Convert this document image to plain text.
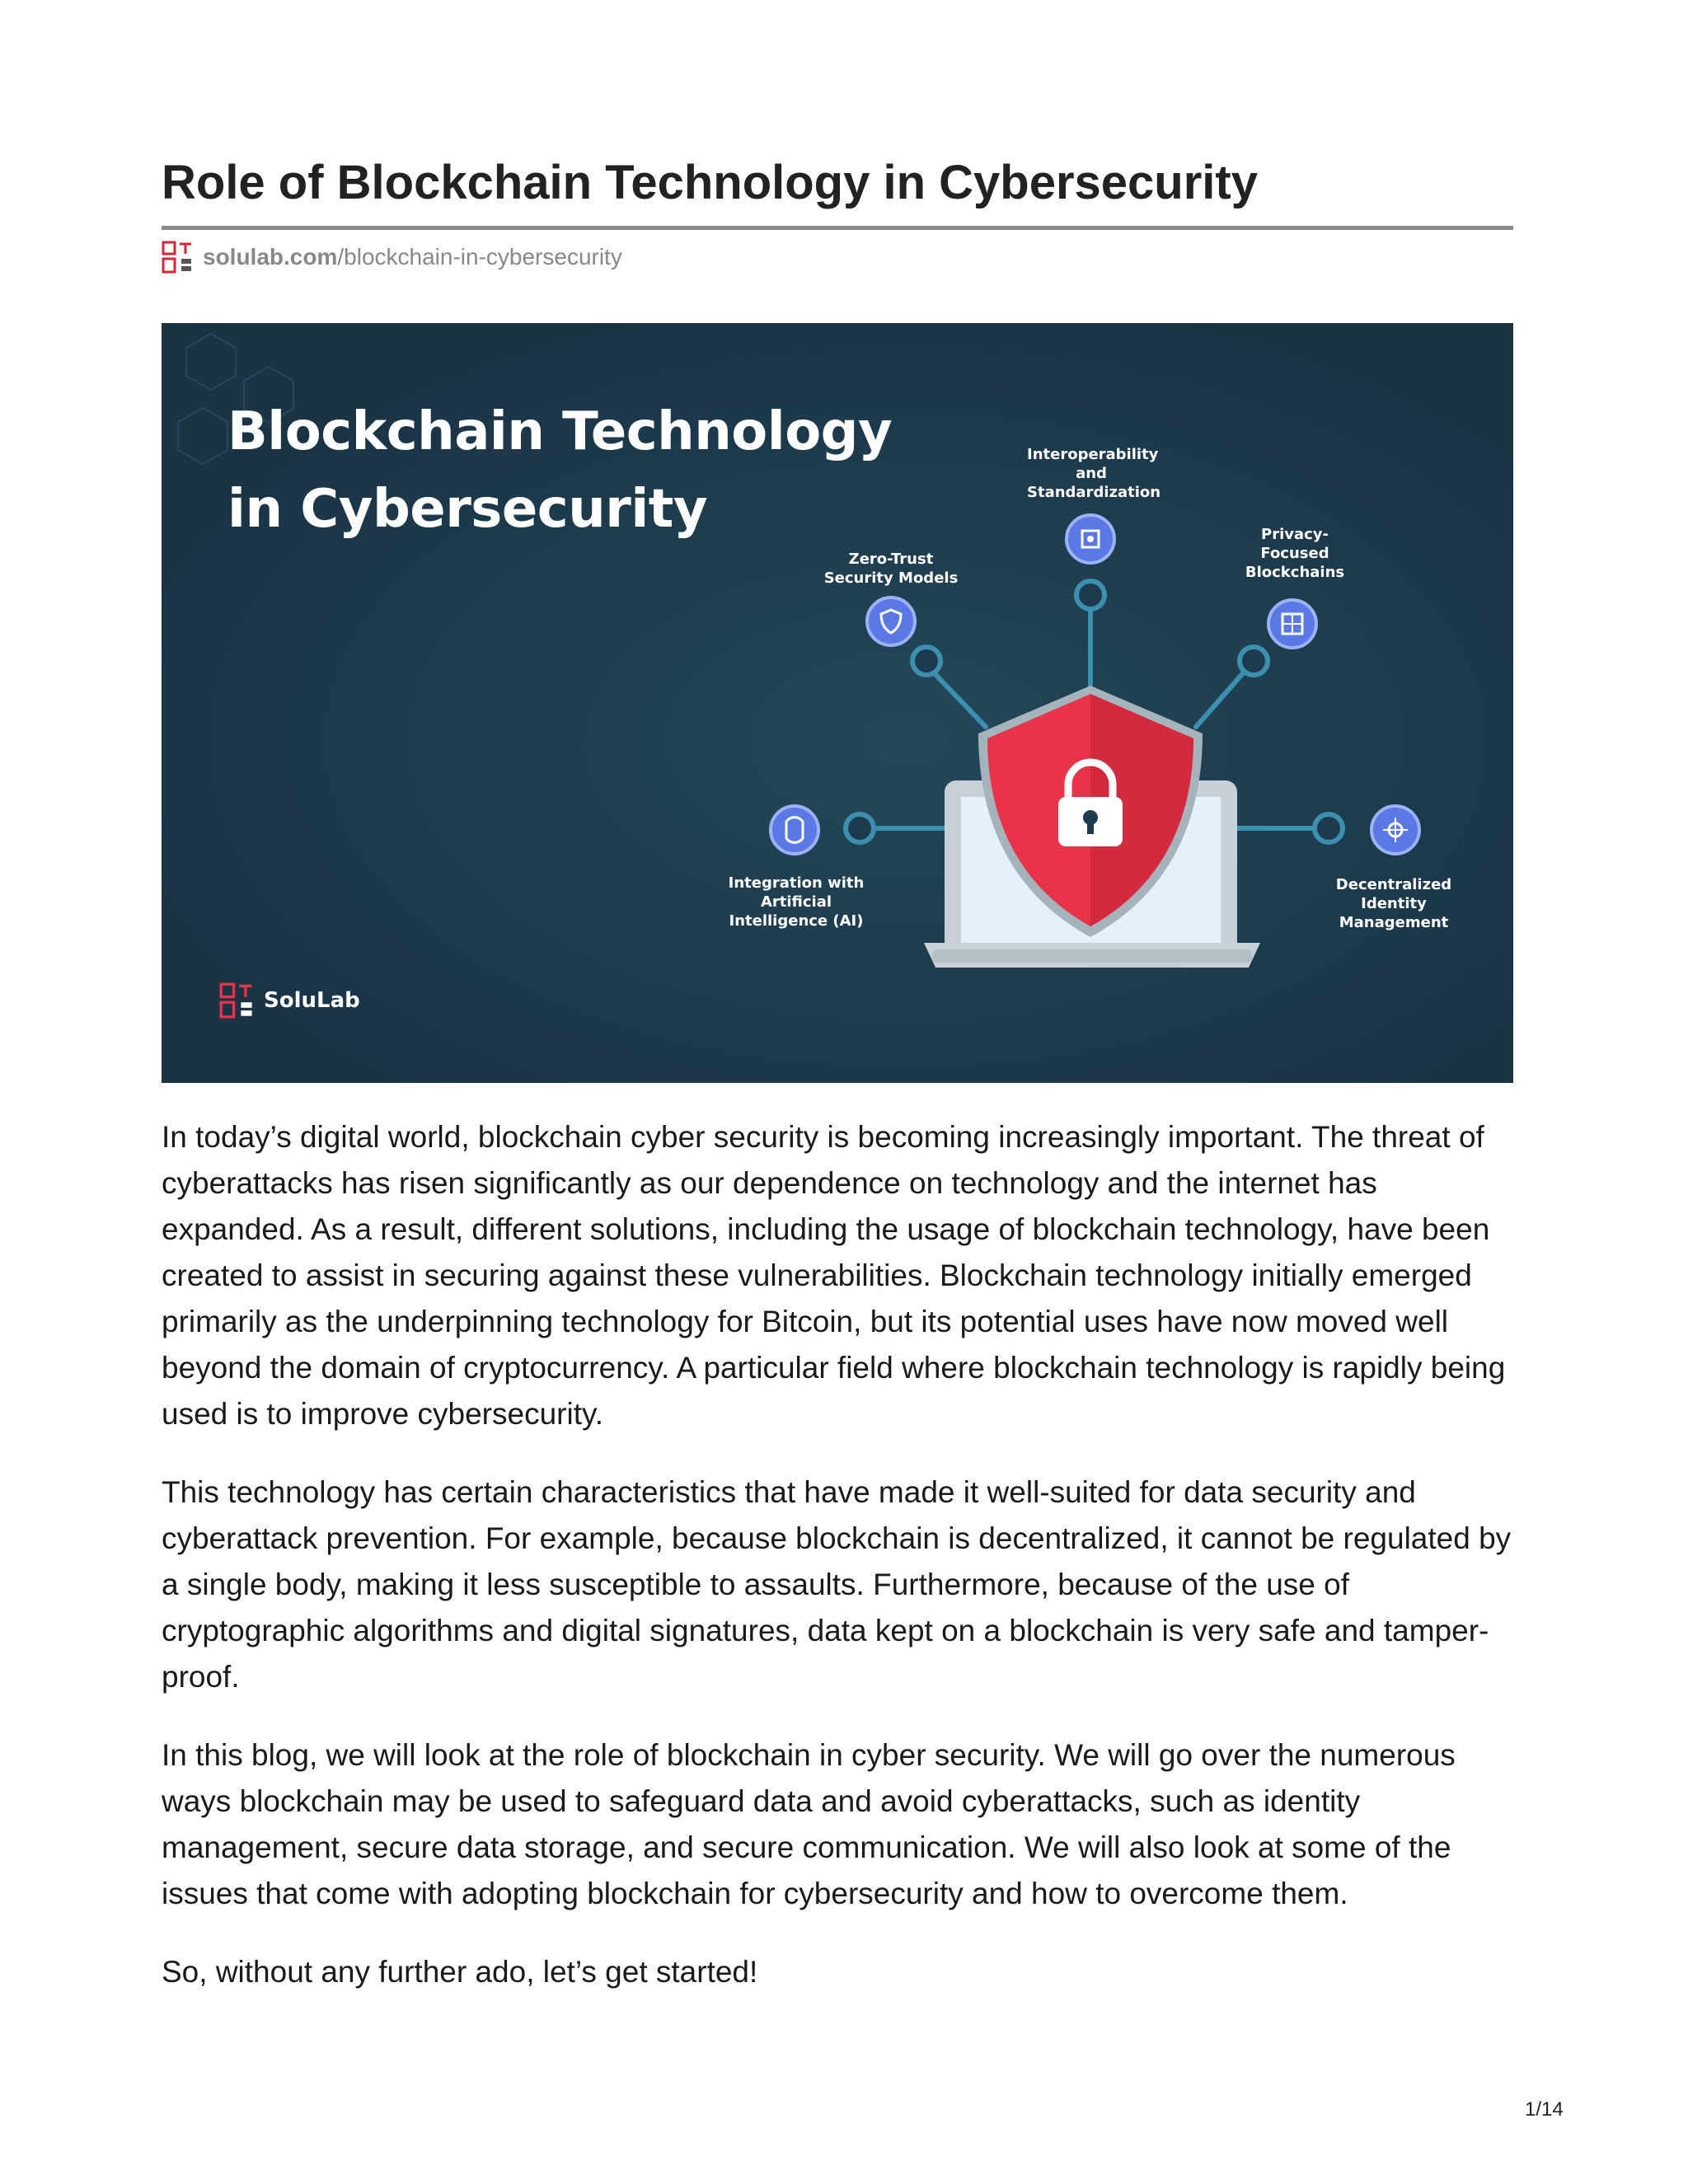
Role of Blockchain Technology in Cybersecurity
solulab.com /blockchain-in-cybersecurity
Blockchain Technology
in Cybersecurity
Interoperability
and
Standardization
Zero-Trust
Security Models
Privacy-
Focused
Blockchains
Integration with
Artificial
Intelligence (AI)
Decentralized
Identity
Management
SoluLab

In today’s digital world, blockchain cyber security is becoming increasingly important. The threat of cyberattacks has risen significantly as our dependence on technology and the internet has expanded. As a result, different solutions, including the usage of blockchain technology, have been created to assist in securing against these vulnerabilities. Blockchain technology initially emerged primarily as the underpinning technology for Bitcoin, but its potential uses have now moved well beyond the domain of cryptocurrency. A particular field where blockchain technology is rapidly being used is to improve cybersecurity.

This technology has certain characteristics that have made it well-suited for data security and cyberattack prevention. For example, because blockchain is decentralized, it cannot be regulated by a single body, making it less susceptible to assaults. Furthermore, because of the use of cryptographic algorithms and digital signatures, data kept on a blockchain is very safe and tamper-proof.

In this blog, we will look at the role of blockchain in cyber security. We will go over the numerous ways blockchain may be used to safeguard data and avoid cyberattacks, such as identity management, secure data storage, and secure communication. We will also look at some of the issues that come with adopting blockchain for cybersecurity and how to overcome them.

So, without any further ado, let’s get started!

1/14
